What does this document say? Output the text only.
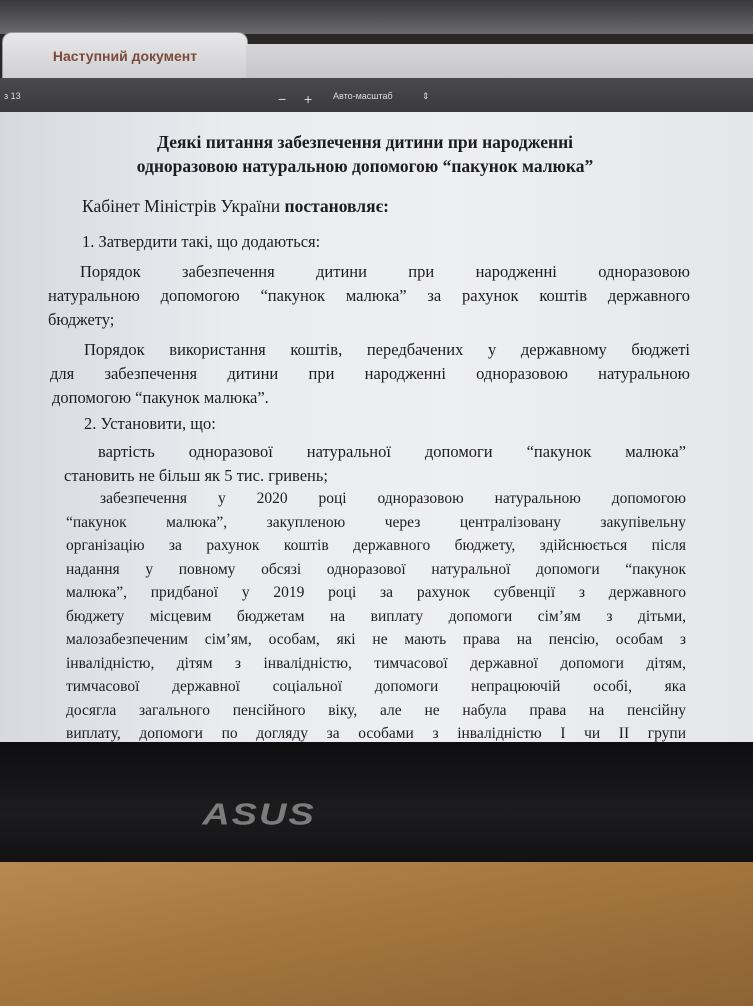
Наступний документ
з 13	− + Авто-масштаб	⇕
Деякі питання забезпечення дитини при народженні
одноразовою натуральною допомогою “пакунок малюка”
Кабінет Міністрів України постановляє:
1. Затвердити такі, що додаються:
Порядок забезпечення дитини при народженні одноразовою
натуральною допомогою “пакунок малюка” за рахунок коштів державного
бюджету;
Порядок використання коштів, передбачених у державному бюджеті
для забезпечення дитини при народженні одноразовою натуральною
допомогою “пакунок малюка”.
2. Установити, що:
вартість одноразової натуральної допомоги “пакунок малюка”
становить не більш як 5 тис. гривень;
забезпечення у 2020 році одноразовою натуральною допомогою
“пакунок малюка”, закупленою через централізовану закупівельну
організацію за рахунок коштів державного бюджету, здійснюється після
надання у повному обсязі одноразової натуральної допомоги “пакунок
малюка”, придбаної у 2019 році за рахунок субвенції з державного
бюджету місцевим бюджетам на виплату допомоги сім’ям з дітьми,
малозабезпеченим сім’ям, особам, які не мають права на пенсію, особам з
інвалідністю, дітям з інвалідністю, тимчасової державної допомоги дітям,
тимчасової державної соціальної допомоги непрацюючій особі, яка
досягла загального пенсійного віку, але не набула права на пенсійну
виплату, допомоги по догляду за особами з інвалідністю I чи II групи
ASUS
